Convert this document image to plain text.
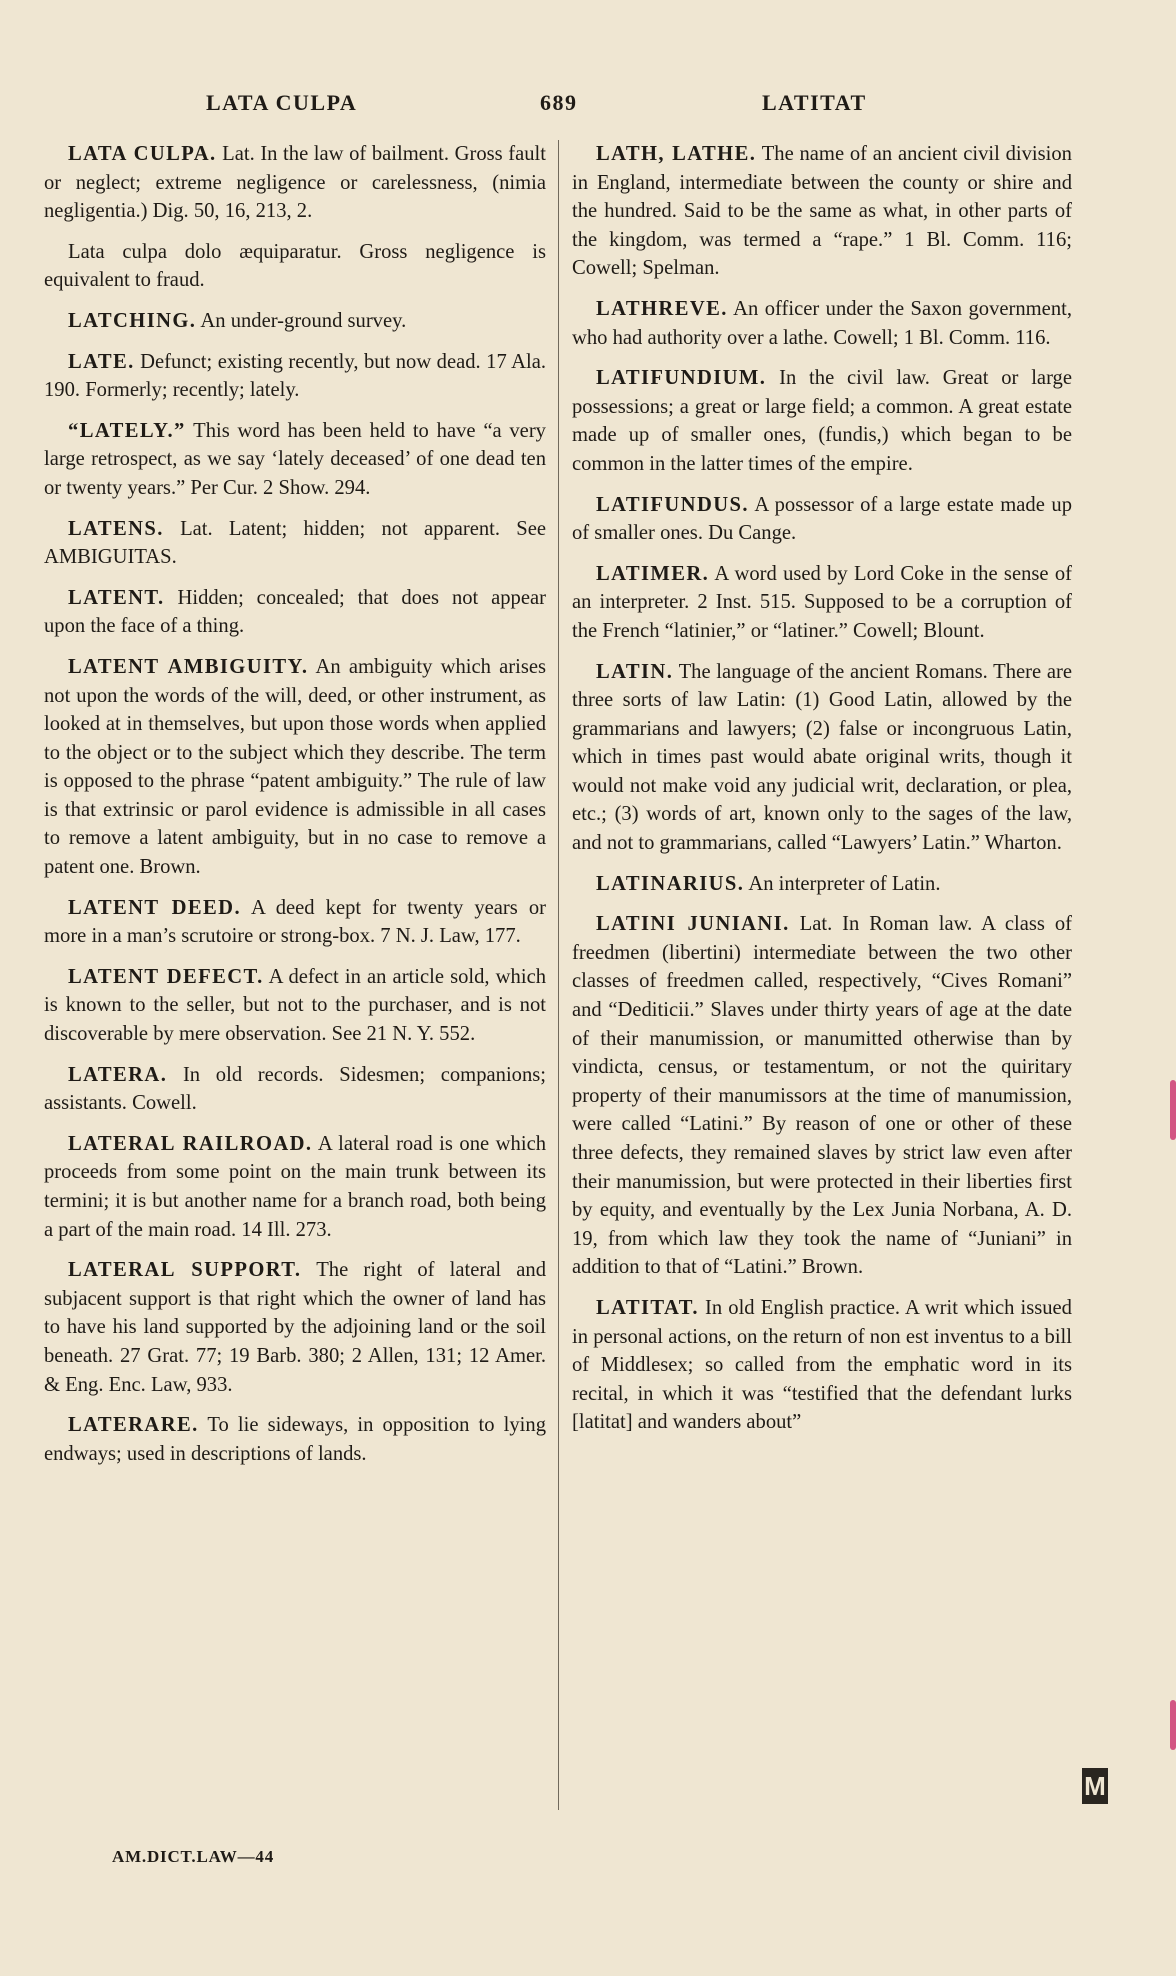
LATA CULPA	689	LATITAT

LATA CULPA. Lat. In the law of bailment. Gross fault or neglect; extreme negligence or carelessness, (nimia negligentia.) Dig. 50, 16, 213, 2.

Lata culpa dolo æquiparatur. Gross negligence is equivalent to fraud.

LATCHING. An under-ground survey.

LATE. Defunct; existing recently, but now dead. 17 Ala. 190. Formerly; recently; lately.

“LATELY.” This word has been held to have “a very large retrospect, as we say ‘lately deceased’ of one dead ten or twenty years.” Per Cur. 2 Show. 294.

LATENS. Lat. Latent; hidden; not apparent. See AMBIGUITAS.

LATENT. Hidden; concealed; that does not appear upon the face of a thing.

LATENT AMBIGUITY. An ambiguity which arises not upon the words of the will, deed, or other instrument, as looked at in themselves, but upon those words when applied to the object or to the subject which they describe. The term is opposed to the phrase “patent ambiguity.” The rule of law is that extrinsic or parol evidence is admissible in all cases to remove a latent ambiguity, but in no case to remove a patent one. Brown.

LATENT DEED. A deed kept for twenty years or more in a man’s scrutoire or strong-box. 7 N. J. Law, 177.

LATENT DEFECT. A defect in an article sold, which is known to the seller, but not to the purchaser, and is not discoverable by mere observation. See 21 N. Y. 552.

LATERA. In old records. Sidesmen; companions; assistants. Cowell.

LATERAL RAILROAD. A lateral road is one which proceeds from some point on the main trunk between its termini; it is but another name for a branch road, both being a part of the main road. 14 Ill. 273.

LATERAL SUPPORT. The right of lateral and subjacent support is that right which the owner of land has to have his land supported by the adjoining land or the soil beneath. 27 Grat. 77; 19 Barb. 380; 2 Allen, 131; 12 Amer. & Eng. Enc. Law, 933.

LATERARE. To lie sideways, in opposition to lying endways; used in descriptions of lands.

LATH, LATHE. The name of an ancient civil division in England, intermediate between the county or shire and the hundred. Said to be the same as what, in other parts of the kingdom, was termed a “rape.” 1 Bl. Comm. 116; Cowell; Spelman.

LATHREVE. An officer under the Saxon government, who had authority over a lathe. Cowell; 1 Bl. Comm. 116.

LATIFUNDIUM. In the civil law. Great or large possessions; a great or large field; a common. A great estate made up of smaller ones, (fundis,) which began to be common in the latter times of the empire.

LATIFUNDUS. A possessor of a large estate made up of smaller ones. Du Cange.

LATIMER. A word used by Lord Coke in the sense of an interpreter. 2 Inst. 515. Supposed to be a corruption of the French “latinier,” or “latiner.” Cowell; Blount.

LATIN. The language of the ancient Romans. There are three sorts of law Latin: (1) Good Latin, allowed by the grammarians and lawyers; (2) false or incongruous Latin, which in times past would abate original writs, though it would not make void any judicial writ, declaration, or plea, etc.; (3) words of art, known only to the sages of the law, and not to grammarians, called “Lawyers’ Latin.” Wharton.

LATINARIUS. An interpreter of Latin.

LATINI JUNIANI. Lat. In Roman law. A class of freedmen (libertini) intermediate between the two other classes of freedmen called, respectively, “Cives Romani” and “Dediticii.” Slaves under thirty years of age at the date of their manumission, or manumitted otherwise than by vindicta, census, or testamentum, or not the quiritary property of their manumissors at the time of manumission, were called “Latini.” By reason of one or other of these three defects, they remained slaves by strict law even after their manumission, but were protected in their liberties first by equity, and eventually by the Lex Junia Norbana, A. D. 19, from which law they took the name of “Juniani” in addition to that of “Latini.” Brown.

LATITAT. In old English practice. A writ which issued in personal actions, on the return of non est inventus to a bill of Middlesex; so called from the emphatic word in its recital, in which it was “testified that the defendant lurks [latitat] and wanders about”

AM.DICT.LAW—44
M
